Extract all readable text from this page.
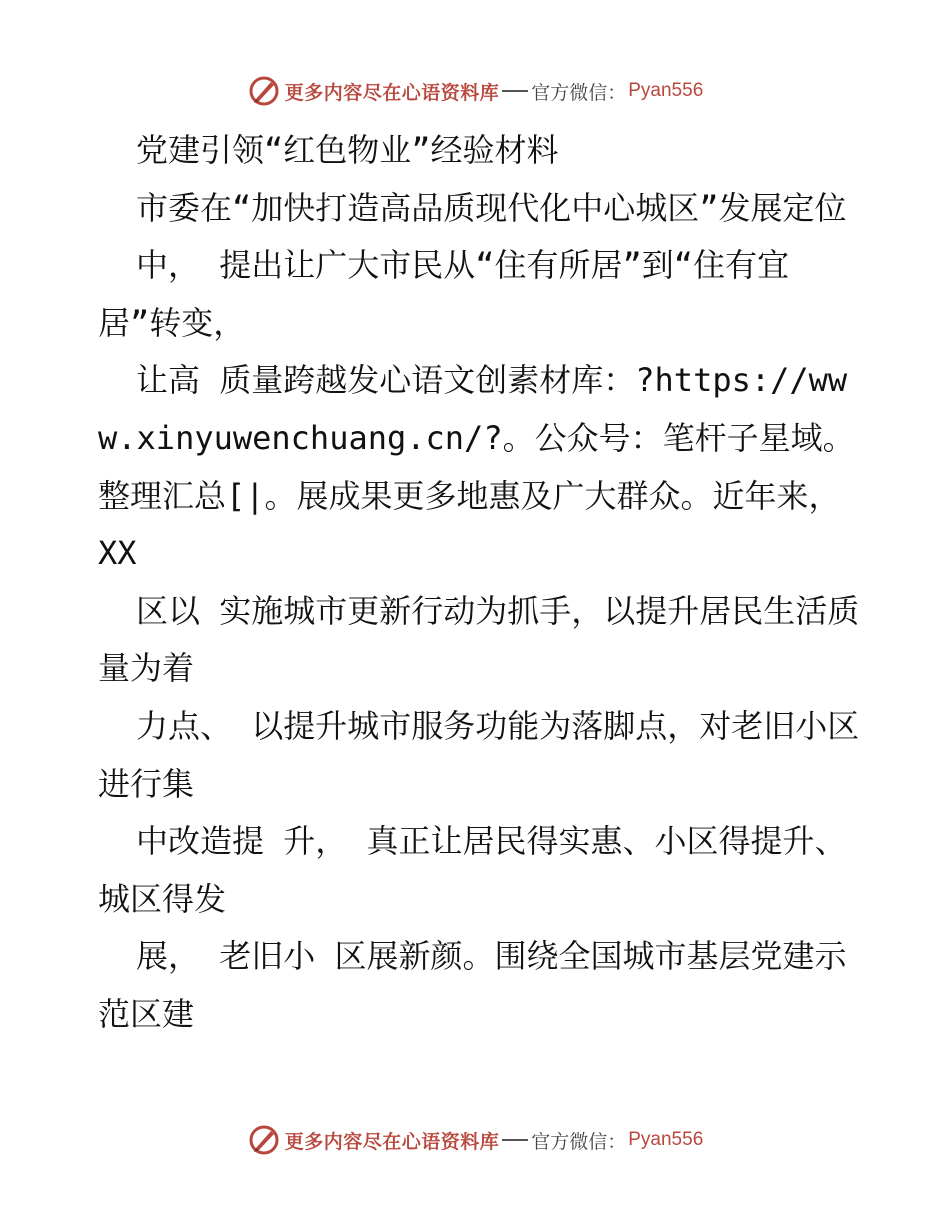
更多内容尽在心语资料库 官方微信： Pyan556

党建引领“红色物业”经验材料

市委在“加快打造高品质现代化中心城区”发展定位

中， 提出让广大市民从“住有所居”到“住有宜居”转变，

让高 质量跨越发心语文创素材库：?https://www.xinyuwenchuang.cn/?。公众号：笔杆子星域。整理汇总[|。展成果更多地惠及广大群众。近年来， XX

区以 实施城市更新行动为抓手，以提升居民生活质量为着

力点、 以提升城市服务功能为落脚点，对老旧小区进行集

中改造提 升， 真正让居民得实惠、小区得提升、城区得发

展， 老旧小 区展新颜。围绕全国城市基层党建示范区建

更多内容尽在心语资料库 官方微信： Pyan556
